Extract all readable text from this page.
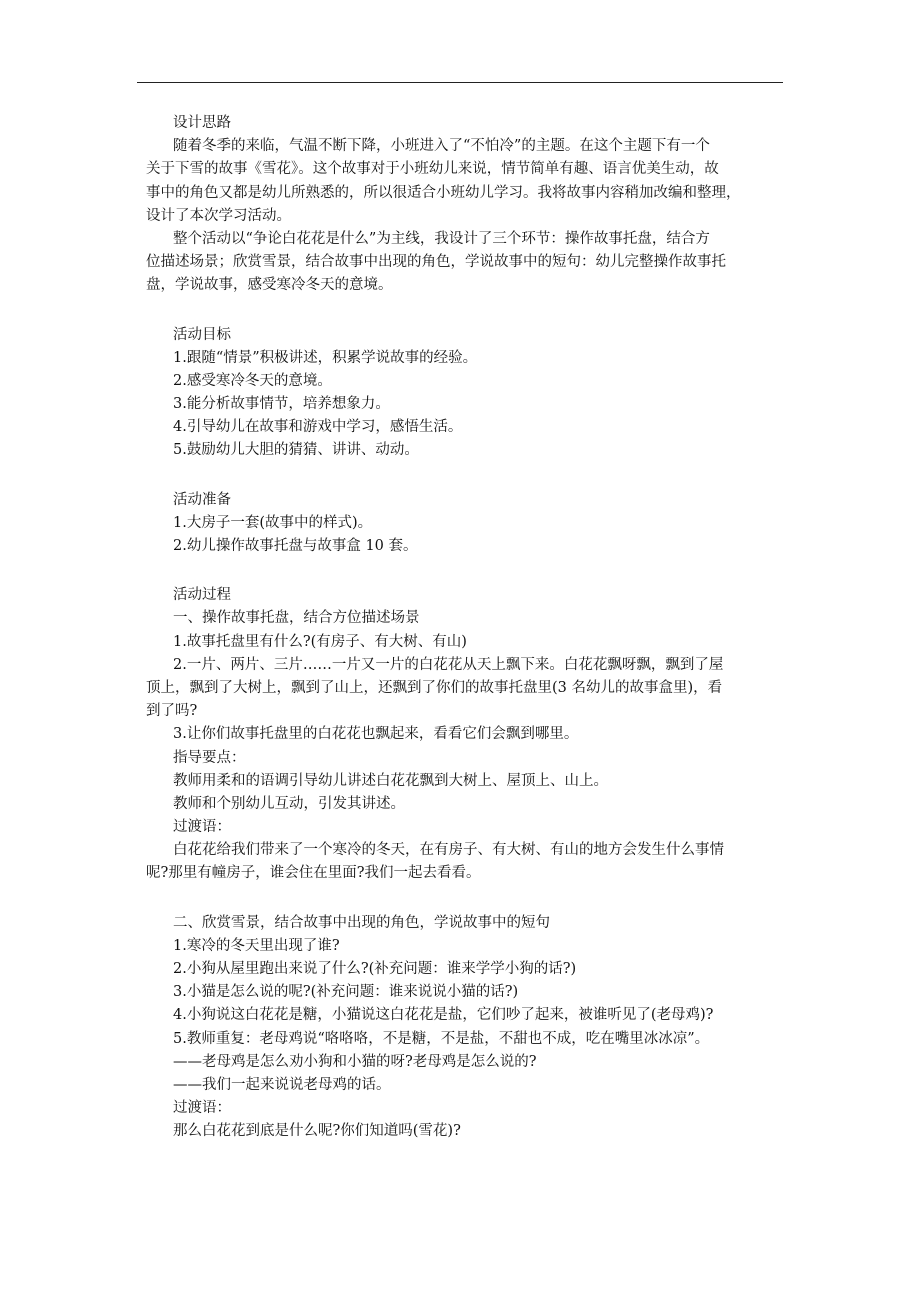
设计思路
随着冬季的来临，气温不断下降，小班进入了“不怕冷”的主题。在这个主题下有一个
关于下雪的故事《雪花》。这个故事对于小班幼儿来说，情节简单有趣、语言优美生动，故
事中的角色又都是幼儿所熟悉的，所以很适合小班幼儿学习。我将故事内容稍加改编和整理，
设计了本次学习活动。
整个活动以“争论白花花是什么”为主线，我设计了三个环节：操作故事托盘，结合方
位描述场景；欣赏雪景，结合故事中出现的角色，学说故事中的短句：幼儿完整操作故事托
盘，学说故事，感受寒冷冬天的意境。
活动目标
1.跟随“情景”积极讲述，积累学说故事的经验。
2.感受寒冷冬天的意境。
3.能分析故事情节，培养想象力。
4.引导幼儿在故事和游戏中学习，感悟生活。
5.鼓励幼儿大胆的猜猜、讲讲、动动。
活动准备
1.大房子一套(故事中的样式)。
2.幼儿操作故事托盘与故事盒 10 套。
活动过程
一、操作故事托盘，结合方位描述场景
1.故事托盘里有什么?(有房子、有大树、有山)
2.一片、两片、三片……一片又一片的白花花从天上飘下来。白花花飘呀飘，飘到了屋
顶上，飘到了大树上，飘到了山上，还飘到了你们的故事托盘里(3 名幼儿的故事盒里)，看
到了吗?
3.让你们故事托盘里的白花花也飘起来，看看它们会飘到哪里。
指导要点：
教师用柔和的语调引导幼儿讲述白花花飘到大树上、屋顶上、山上。
教师和个别幼儿互动，引发其讲述。
过渡语：
白花花给我们带来了一个寒冷的冬天，在有房子、有大树、有山的地方会发生什么事情
呢?那里有幢房子，谁会住在里面?我们一起去看看。
二、欣赏雪景，结合故事中出现的角色，学说故事中的短句
1.寒冷的冬天里出现了谁?
2.小狗从屋里跑出来说了什么?(补充问题：谁来学学小狗的话?)
3.小猫是怎么说的呢?(补充问题：谁来说说小猫的话?)
4.小狗说这白花花是糖，小猫说这白花花是盐，它们吵了起来，被谁听见了(老母鸡)?
5.教师重复：老母鸡说“咯咯咯，不是糖，不是盐，不甜也不成，吃在嘴里冰冰凉”。
——老母鸡是怎么劝小狗和小猫的呀?老母鸡是怎么说的?
——我们一起来说说老母鸡的话。
过渡语：
那么白花花到底是什么呢?你们知道吗(雪花)?
